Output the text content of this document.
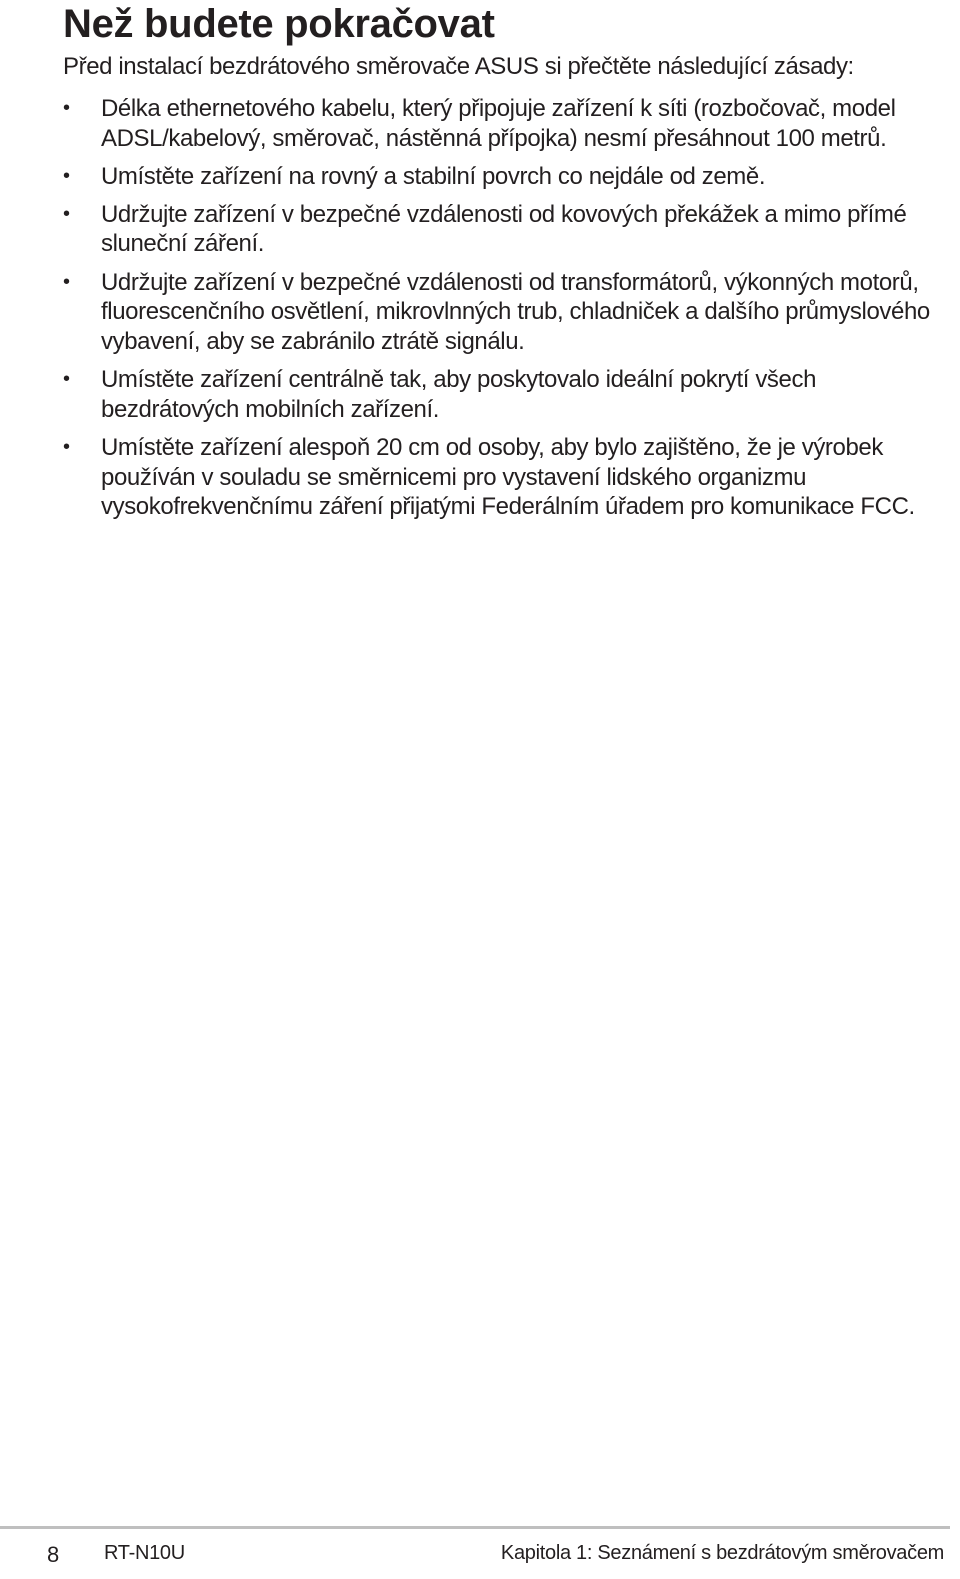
Než budete pokračovat

Před instalací bezdrátového směrovače ASUS si přečtěte následující zásady:

• Délka ethernetového kabelu, který připojuje zařízení k síti (rozbočovač, model ADSL/kabelový, směrovač, nástěnná přípojka) nesmí přesáhnout 100 metrů.
• Umístěte zařízení na rovný a stabilní povrch co nejdále od země.
• Udržujte zařízení v bezpečné vzdálenosti od kovových překážek a mimo přímé sluneční záření.
• Udržujte zařízení v bezpečné vzdálenosti od transformátorů, výkonných motorů, fluorescenčního osvětlení, mikrovlnných trub, chladniček a dalšího průmyslového vybavení, aby se zabránilo ztrátě signálu.
• Umístěte zařízení centrálně tak, aby poskytovalo ideální pokrytí všech bezdrátových mobilních zařízení.
• Umístěte zařízení alespoň 20 cm od osoby, aby bylo zajištěno, že je výrobek používán v souladu se směrnicemi pro vystavení lidského organizmu vysokofrekvenčnímu záření přijatými Federálním úřadem pro komunikace FCC.
8 RT-N10U	Kapitola 1: Seznámení s bezdrátovým směrovačem
